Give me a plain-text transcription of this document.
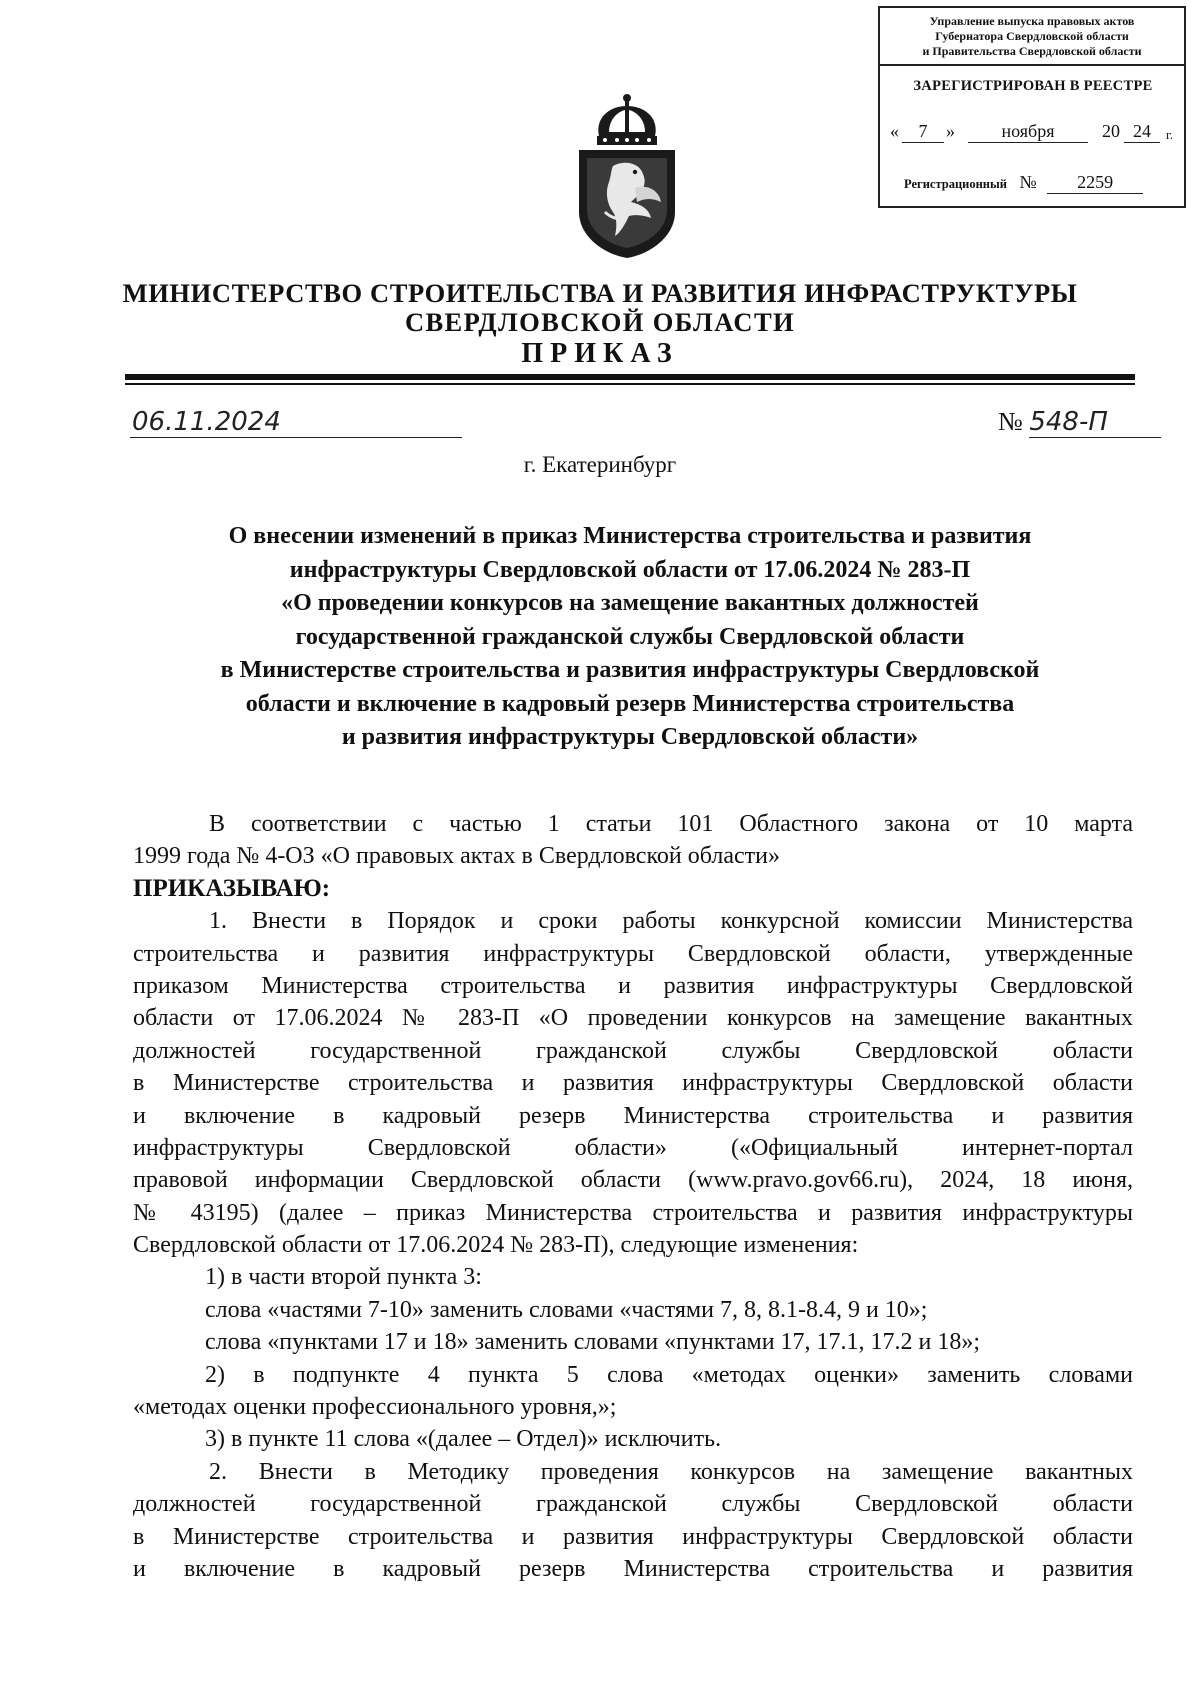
Управление выпуска правовых актов
Губернатора Свердловской области
и Правительства Свердловской области
ЗАРЕГИСТРИРОВАН В РЕЕСТРЕ
«	7	»	ноября	20 24	г.
Регистрационный № 2259
МИНИСТЕРСТВО СТРОИТЕЛЬСТВА И РАЗВИТИЯ ИНФРАСТРУКТУРЫ
СВЕРДЛОВСКОЙ ОБЛАСТИ
ПРИКАЗ
06.11.2024	№ 548-П
г. Екатеринбург
О внесении изменений в приказ Министерства строительства и развития
инфраструктуры Свердловской области от 17.06.2024 № 283-П
«О проведении конкурсов на замещение вакантных должностей
государственной гражданской службы Свердловской области
в Министерстве строительства и развития инфраструктуры Свердловской
области и включение в кадровый резерв Министерства строительства
и развития инфраструктуры Свердловской области»
В соответствии с частью 1 статьи 101 Областного закона от 10 марта
1999 года № 4-ОЗ «О правовых актах в Свердловской области»
ПРИКАЗЫВАЮ:
1. Внести в Порядок и сроки работы конкурсной комиссии Министерства
строительства и развития инфраструктуры Свердловской области, утвержденные
приказом Министерства строительства и развития инфраструктуры Свердловской
области от 17.06.2024 № 283-П «О проведении конкурсов на замещение вакантных
должностей государственной гражданской службы Свердловской области
в Министерстве строительства и развития инфраструктуры Свердловской области
и включение в кадровый резерв Министерства строительства и развития
инфраструктуры Свердловской области» («Официальный интернет-портал
правовой информации Свердловской области (www.pravo.gov66.ru), 2024, 18 июня,
№ 43195) (далее – приказ Министерства строительства и развития инфраструктуры
Свердловской области от 17.06.2024 № 283-П), следующие изменения:
1) в части второй пункта 3:
слова «частями 7-10» заменить словами «частями 7, 8, 8.1-8.4, 9 и 10»;
слова «пунктами 17 и 18» заменить словами «пунктами 17, 17.1, 17.2 и 18»;
2) в подпункте 4 пункта 5 слова «методах оценки» заменить словами
«методах оценки профессионального уровня,»;
3) в пункте 11 слова «(далее – Отдел)» исключить.
2. Внести в Методику проведения конкурсов на замещение вакантных
должностей государственной гражданской службы Свердловской области
в Министерстве строительства и развития инфраструктуры Свердловской области
и включение в кадровый резерв Министерства строительства и развития
